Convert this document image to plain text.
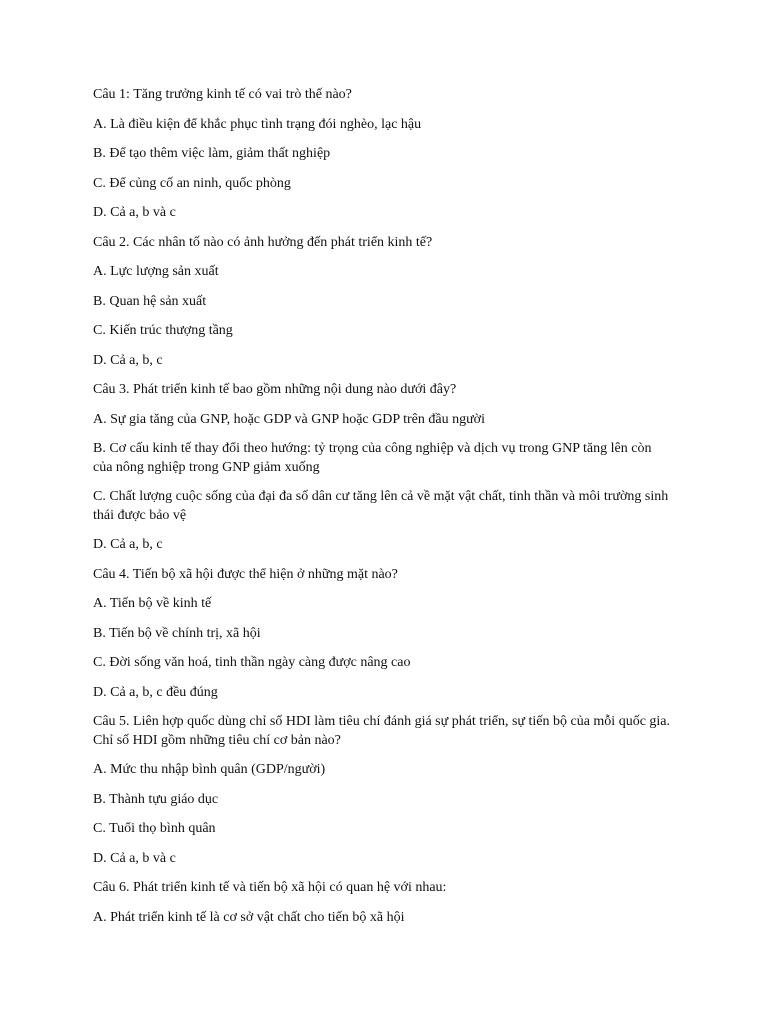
Câu 1: Tăng trưởng kinh tế có vai trò thế nào?

A. Là điều kiện để khắc phục tình trạng đói nghèo, lạc hậu

B. Để tạo thêm việc làm, giảm thất nghiệp

C. Để củng cố an ninh, quốc phòng

D. Cả a, b và c

Câu 2. Các nhân tố nào có ảnh hưởng đến phát triển kinh tế?

A. Lực lượng sản xuất

B. Quan hệ sản xuất

C. Kiến trúc thượng tầng

D. Cả a, b, c

Câu 3. Phát triển kinh tế bao gồm những nội dung nào dưới đây?

A. Sự gia tăng của GNP, hoặc GDP và GNP hoặc GDP trên đầu người

B. Cơ cấu kinh tế thay đổi theo hướng: tỷ trọng của công nghiệp và dịch vụ trong GNP tăng lên còn của nông nghiệp trong GNP giảm xuống

C. Chất lượng cuộc sống của đại đa số dân cư tăng lên cả về mặt vật chất, tinh thần và môi trường sinh thái được bảo vệ

D. Cả a, b, c

Câu 4. Tiến bộ xã hội được thể hiện ở những mặt nào?

A. Tiến bộ về kinh tế

B. Tiến bộ về chính trị, xã hội

C. Đời sống văn hoá, tinh thần ngày càng được nâng cao

D. Cả a, b, c đều đúng

Câu 5. Liên hợp quốc dùng chỉ số HDI làm tiêu chí đánh giá sự phát triển, sự tiến bộ của mỗi quốc gia. Chỉ số HDI gồm những tiêu chí cơ bản nào?

A. Mức thu nhập bình quân (GDP/người)

B. Thành tựu giáo dục

C. Tuổi thọ bình quân

D. Cả a, b và c

Câu 6. Phát triển kinh tế và tiến bộ xã hội có quan hệ với nhau:

A. Phát triển kinh tế là cơ sở vật chất cho tiến bộ xã hội
